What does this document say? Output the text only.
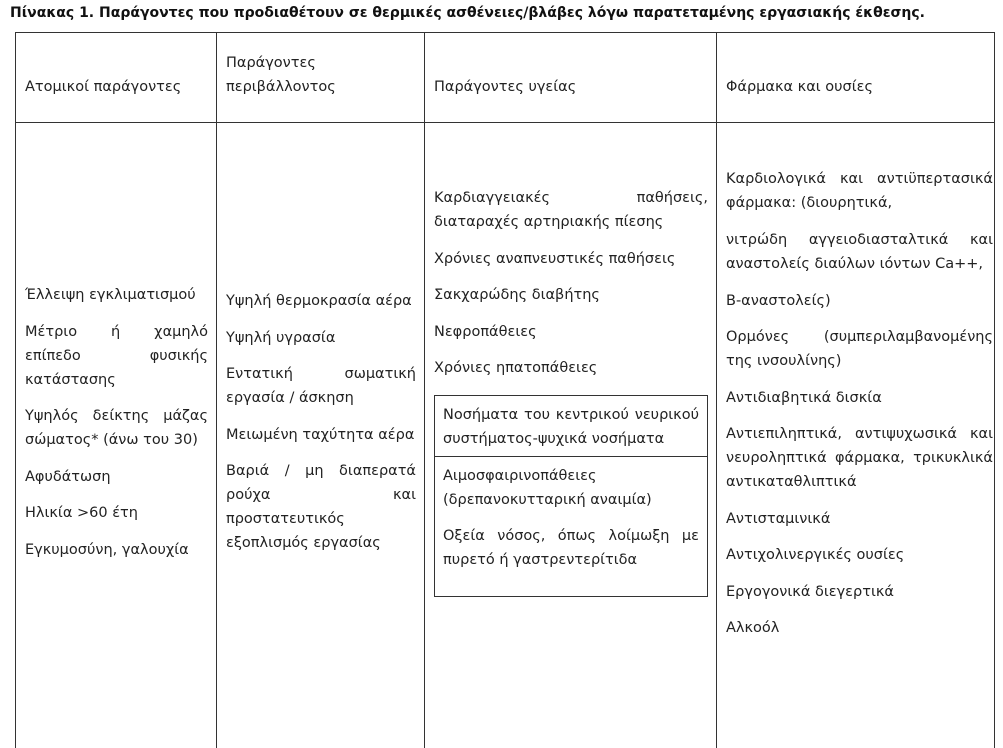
Πίνακας 1. Παράγοντες που προδιαθέτουν σε θερμικές ασθένειες/βλάβες λόγω παρατεταμένης εργασιακής έκθεσης.
Ατομικοί παράγοντες
Παράγοντες περιβάλλοντος	Παράγοντες υγείας	Φάρμακα και ουσίες

Έλλειψη εγκλιματισμού

Μέτριο ή χαμηλό επίπεδο φυσικής κατάστασης

Υψηλός δείκτης μάζας σώματος* (άνω του 30)

Αφυδάτωση

Ηλικία >60 έτη

Εγκυμοσύνη, γαλουχία

Υψηλή θερμοκρασία αέρα

Υψηλή υγρασία

Εντατική σωματική εργασία / άσκηση

Μειωμένη ταχύτητα αέρα

Βαριά / μη διαπερατά ρούχα και προστατευτικός εξοπλισμός εργασίας

Καρδιαγγειακές παθήσεις, διαταραχές αρτηριακής πίεσης

Χρόνιες αναπνευστικές παθήσεις

Σακχαρώδης διαβήτης

Νεφροπάθειες

Χρόνιες ηπατοπάθειες

Νοσήματα του κεντρικού νευρικού συστήματος-ψυχικά νοσήματα

Αιμοσφαιρινοπάθειες (δρεπανοκυτταρική αναιμία)

Οξεία νόσος, όπως λοίμωξη με πυρετό ή γαστρεντερίτιδα

Καρδιολογικά και αντιϋπερτασικά φάρμακα: (διουρητικά,

νιτρώδη αγγειοδιασταλτικά και αναστολείς διαύλων ιόντων Ca++,

Β-αναστολείς)

Ορμόνες (συμπεριλαμβανομένης της ινσουλίνης)

Αντιδιαβητικά δισκία

Αντιεπιληπτικά, αντιψυχωσικά και νευροληπτικά φάρμακα, τρικυκλικά αντικαταθλιπτικά

Αντισταμινικά

Αντιχολινεργικές ουσίες

Εργογονικά διεγερτικά

Αλκοόλ
